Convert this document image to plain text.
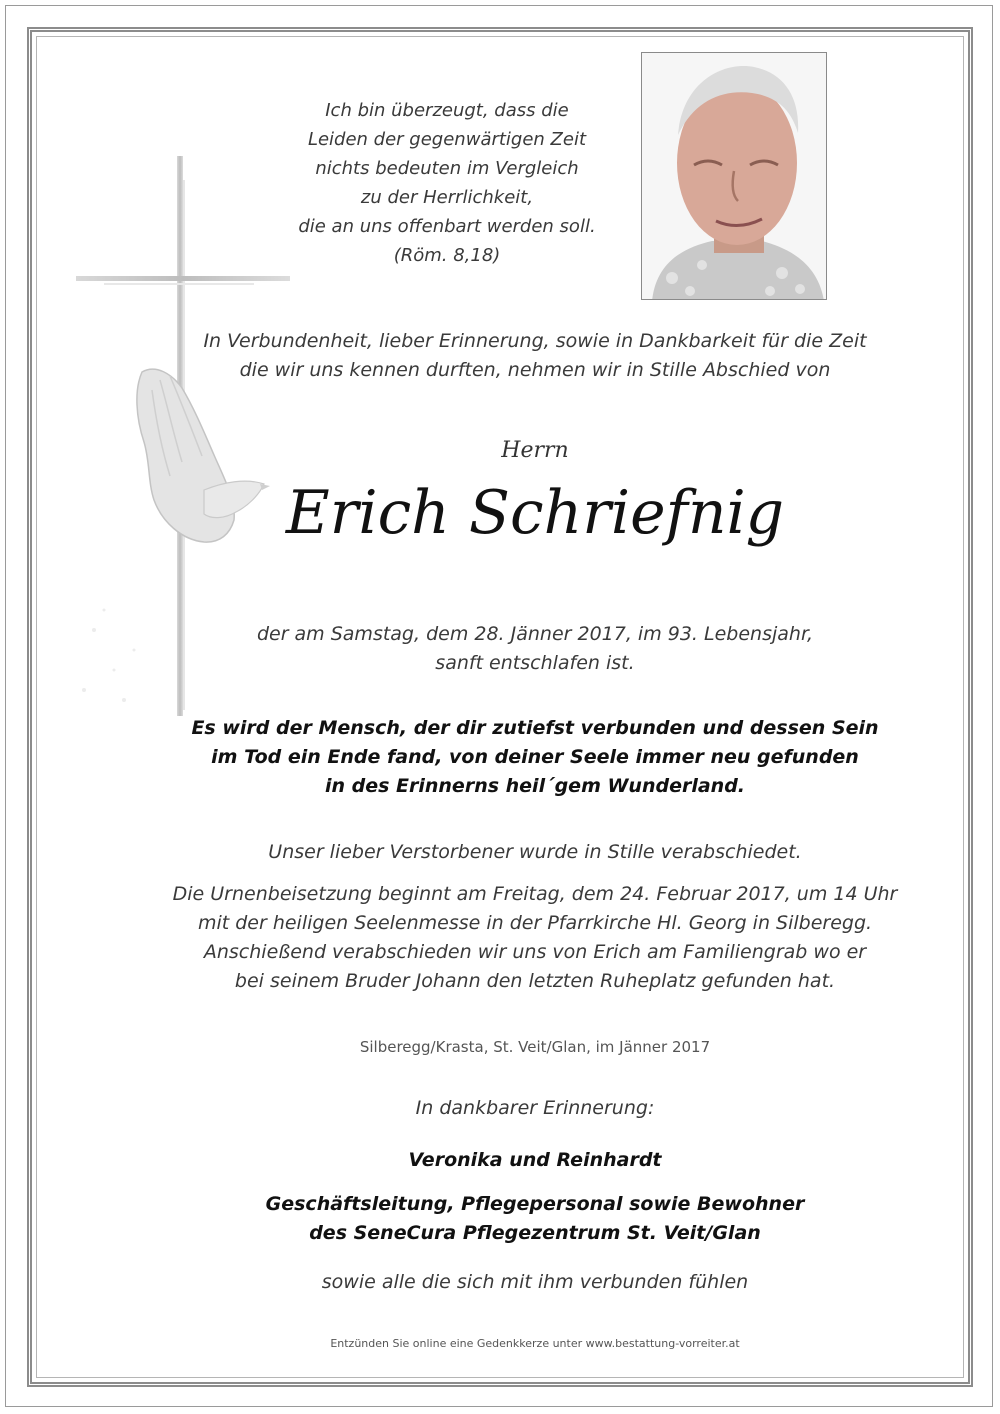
Ich bin überzeugt, dass die
Leiden der gegenwärtigen Zeit
nichts bedeuten im Vergleich
zu der Herrlichkeit,
die an uns offenbart werden soll.
(Röm. 8,18)
In Verbundenheit, lieber Erinnerung, sowie in Dankbarkeit für die Zeit
die wir uns kennen durften, nehmen wir in Stille Abschied von
Herrn
Erich Schriefnig
der am Samstag, dem 28. Jänner 2017, im 93. Lebensjahr,
sanft entschlafen ist.
Es wird der Mensch, der dir zutiefst verbunden und dessen Sein
im Tod ein Ende fand, von deiner Seele immer neu gefunden
in des Erinnerns heil´gem Wunderland.
Unser lieber Verstorbener wurde in Stille verabschiedet.
Die Urnenbeisetzung beginnt am Freitag, dem 24. Februar 2017, um 14 Uhr
mit der heiligen Seelenmesse in der Pfarrkirche Hl. Georg in Silberegg.
Anschießend verabschieden wir uns von Erich am Familiengrab wo er
bei seinem Bruder Johann den letzten Ruheplatz gefunden hat.
Silberegg/Krasta, St. Veit/Glan, im Jänner 2017
In dankbarer Erinnerung:
Veronika und Reinhardt
Geschäftsleitung, Pflegepersonal sowie Bewohner
des SeneCura Pflegezentrum St. Veit/Glan
sowie alle die sich mit ihm verbunden fühlen
Entzünden Sie online eine Gedenkkerze unter www.bestattung-vorreiter.at
